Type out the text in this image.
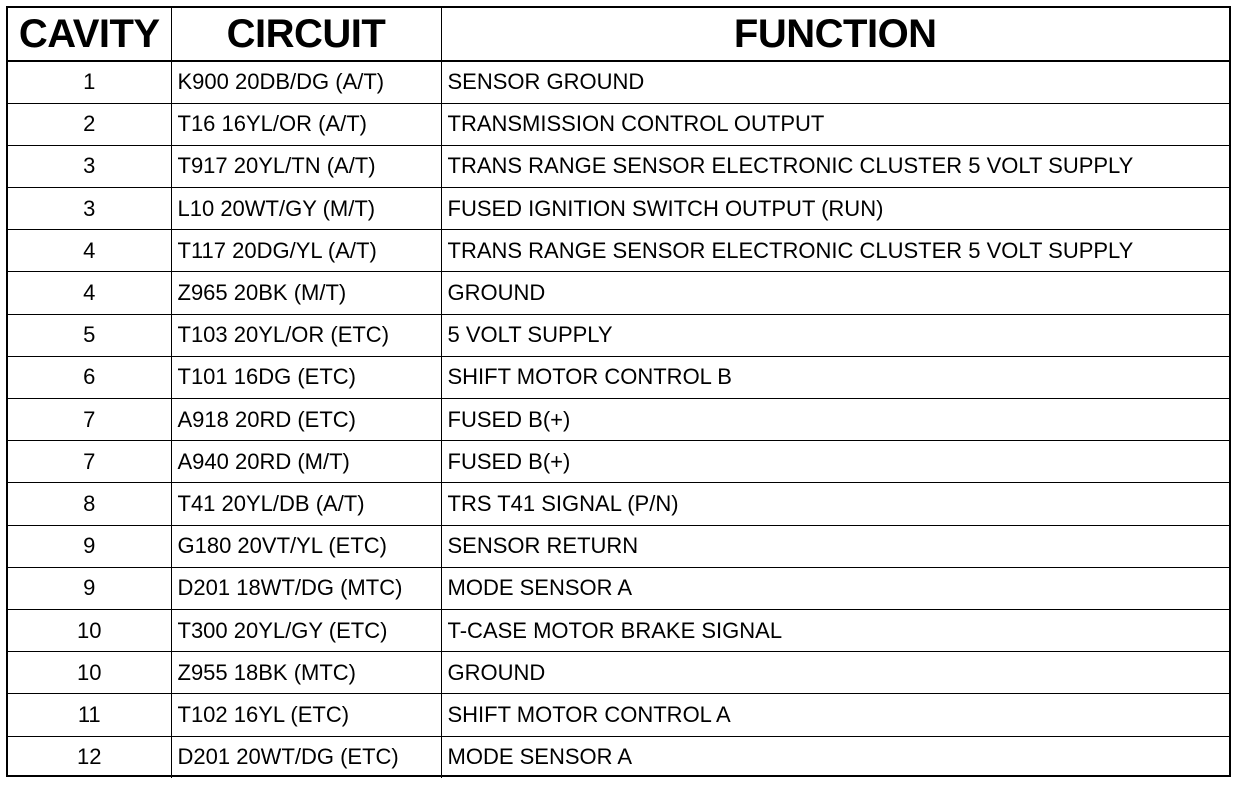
CAVITY	CIRCUIT	FUNCTION
1	K900 20DB/DG (A/T)	SENSOR GROUND
2	T16 16YL/OR (A/T)	TRANSMISSION CONTROL OUTPUT
3	T917 20YL/TN (A/T)	TRANS RANGE SENSOR ELECTRONIC CLUSTER 5 VOLT SUPPLY
3	L10 20WT/GY (M/T)	FUSED IGNITION SWITCH OUTPUT (RUN)
4	T117 20DG/YL (A/T)	TRANS RANGE SENSOR ELECTRONIC CLUSTER 5 VOLT SUPPLY
4	Z965 20BK (M/T)	GROUND
5	T103 20YL/OR (ETC)	5 VOLT SUPPLY
6	T101 16DG (ETC)	SHIFT MOTOR CONTROL B
7	A918 20RD (ETC)	FUSED B(+)
7	A940 20RD (M/T)	FUSED B(+)
8	T41 20YL/DB (A/T)	TRS T41 SIGNAL (P/N)
9	G180 20VT/YL (ETC)	SENSOR RETURN
9	D201 18WT/DG (MTC)	MODE SENSOR A
10	T300 20YL/GY (ETC)	T-CASE MOTOR BRAKE SIGNAL
10	Z955 18BK (MTC)	GROUND
11	T102 16YL (ETC)	SHIFT MOTOR CONTROL A
12	D201 20WT/DG (ETC)	MODE SENSOR A
